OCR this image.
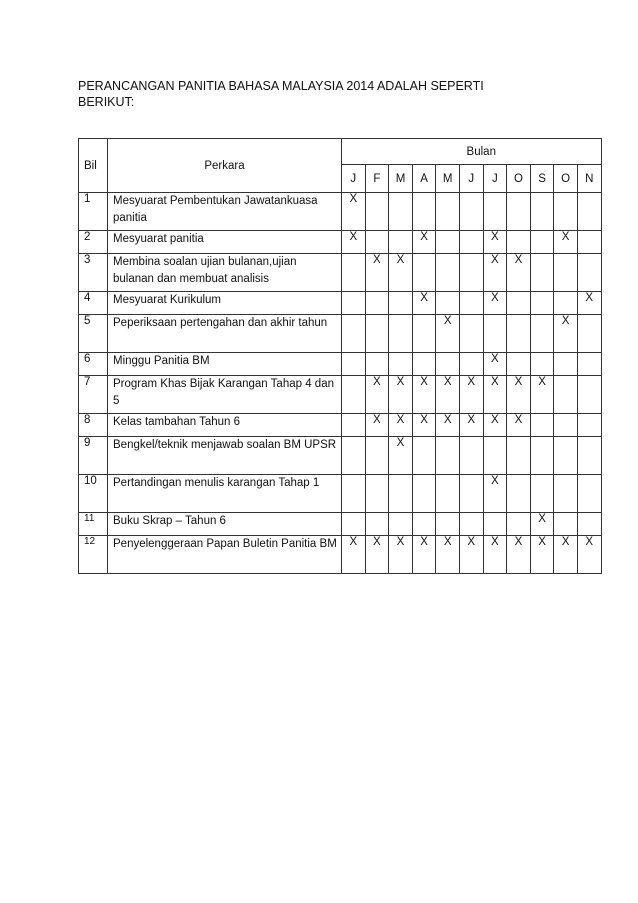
PERANCANGAN PANITIA BAHASA MALAYSIA 2014 ADALAH SEPERTI
BERIKUT:

Bil	Perkara	Bulan										

		J	F	M	A	M	J	J	O	S	O	N
1	Mesyuarat Pembentukan Jawatankuasa panitia	X										
2	Mesyuarat panitia	X			X			X			X	
3	Membina soalan ujian bulanan,ujian bulanan dan membuat analisis		X	X				X	X			
4	Mesyuarat Kurikulum				X			X				X
5	Peperiksaan pertengahan dan akhir tahun					X					X	
6	Minggu Panitia BM							X				
7	Program Khas Bijak Karangan Tahap 4 dan 5		X	X	X	X	X	X	X	X		
8	Kelas tambahan Tahun 6		X	X	X	X	X	X	X			
9	Bengkel/teknik menjawab soalan BM UPSR			X								
10	Pertandingan menulis karangan Tahap 1							X				
11	Buku Skrap – Tahun 6									X		
12	Penyelenggeraan Papan Buletin Panitia BM	X	X	X	X	X	X	X	X	X	X	X
